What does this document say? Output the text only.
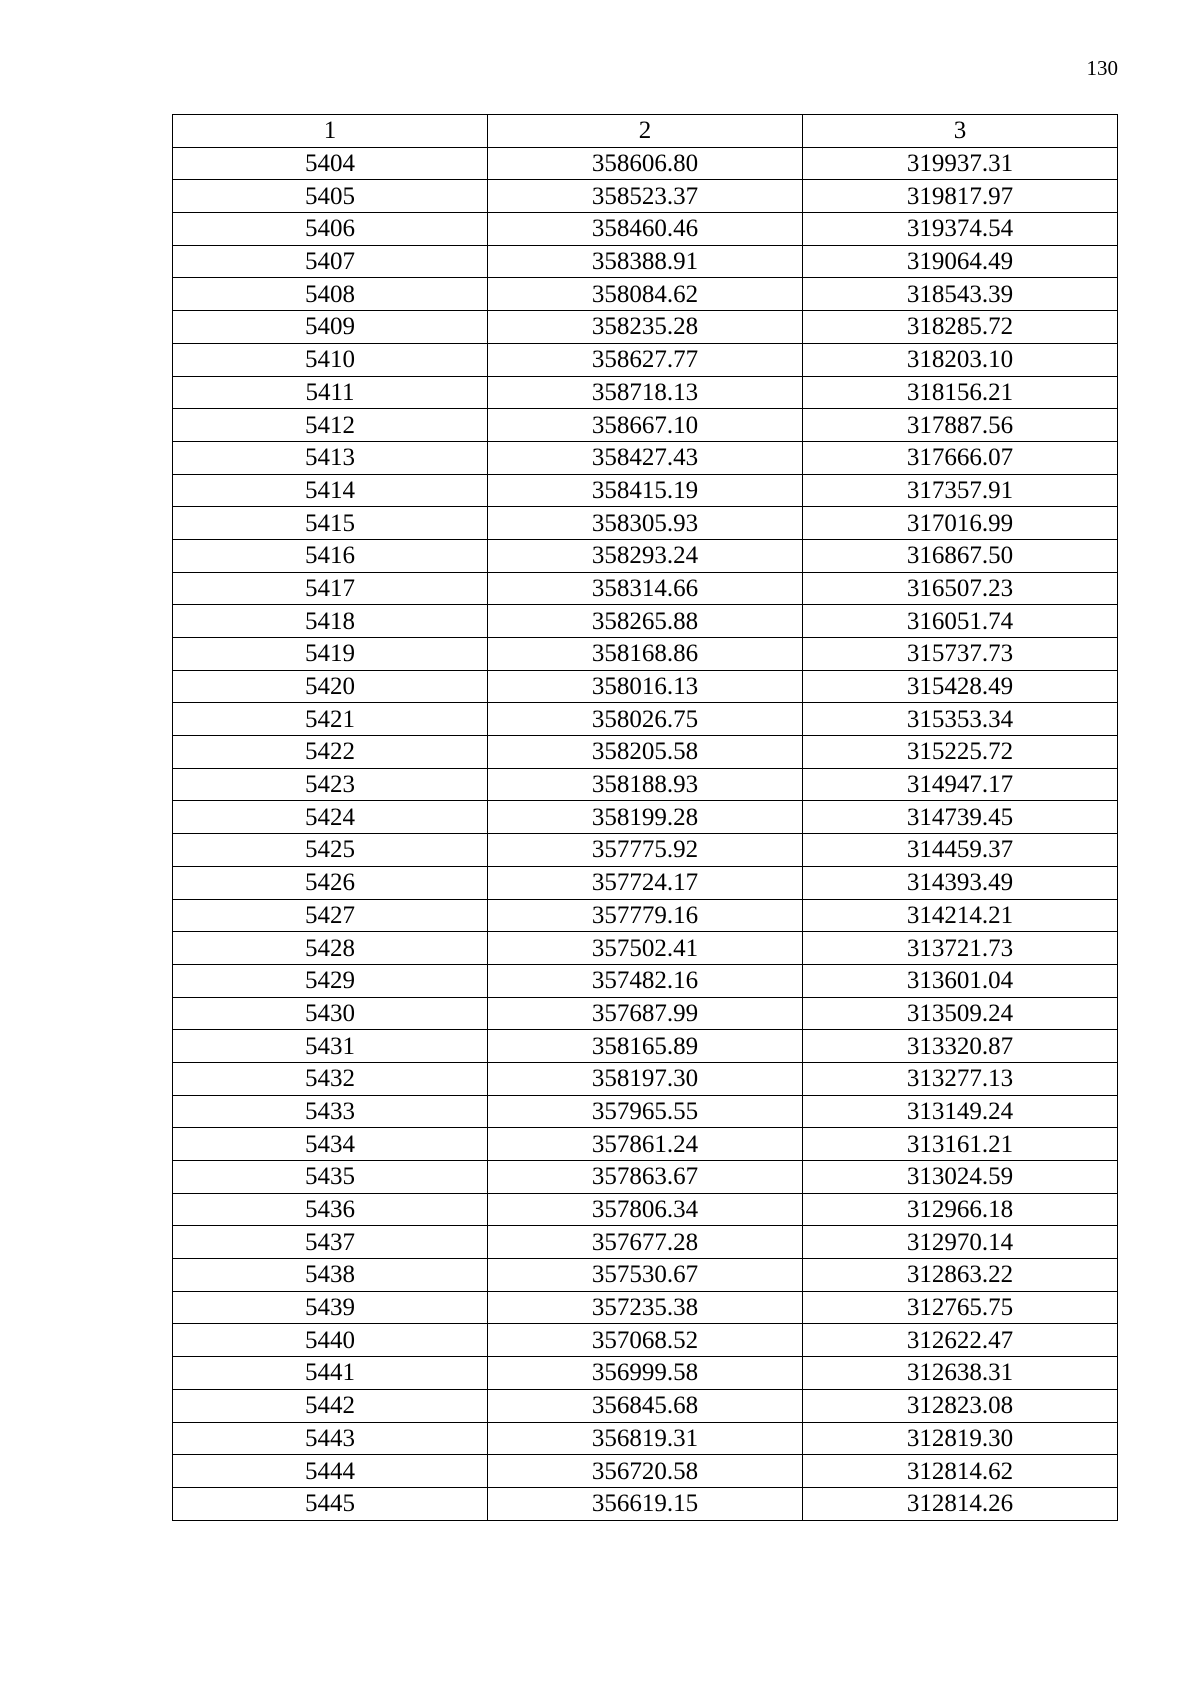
130
1	2	3
5404	358606.80	319937.31
5405	358523.37	319817.97
5406	358460.46	319374.54
5407	358388.91	319064.49
5408	358084.62	318543.39
5409	358235.28	318285.72
5410	358627.77	318203.10
5411	358718.13	318156.21
5412	358667.10	317887.56
5413	358427.43	317666.07
5414	358415.19	317357.91
5415	358305.93	317016.99
5416	358293.24	316867.50
5417	358314.66	316507.23
5418	358265.88	316051.74
5419	358168.86	315737.73
5420	358016.13	315428.49
5421	358026.75	315353.34
5422	358205.58	315225.72
5423	358188.93	314947.17
5424	358199.28	314739.45
5425	357775.92	314459.37
5426	357724.17	314393.49
5427	357779.16	314214.21
5428	357502.41	313721.73
5429	357482.16	313601.04
5430	357687.99	313509.24
5431	358165.89	313320.87
5432	358197.30	313277.13
5433	357965.55	313149.24
5434	357861.24	313161.21
5435	357863.67	313024.59
5436	357806.34	312966.18
5437	357677.28	312970.14
5438	357530.67	312863.22
5439	357235.38	312765.75
5440	357068.52	312622.47
5441	356999.58	312638.31
5442	356845.68	312823.08
5443	356819.31	312819.30
5444	356720.58	312814.62
5445	356619.15	312814.26
